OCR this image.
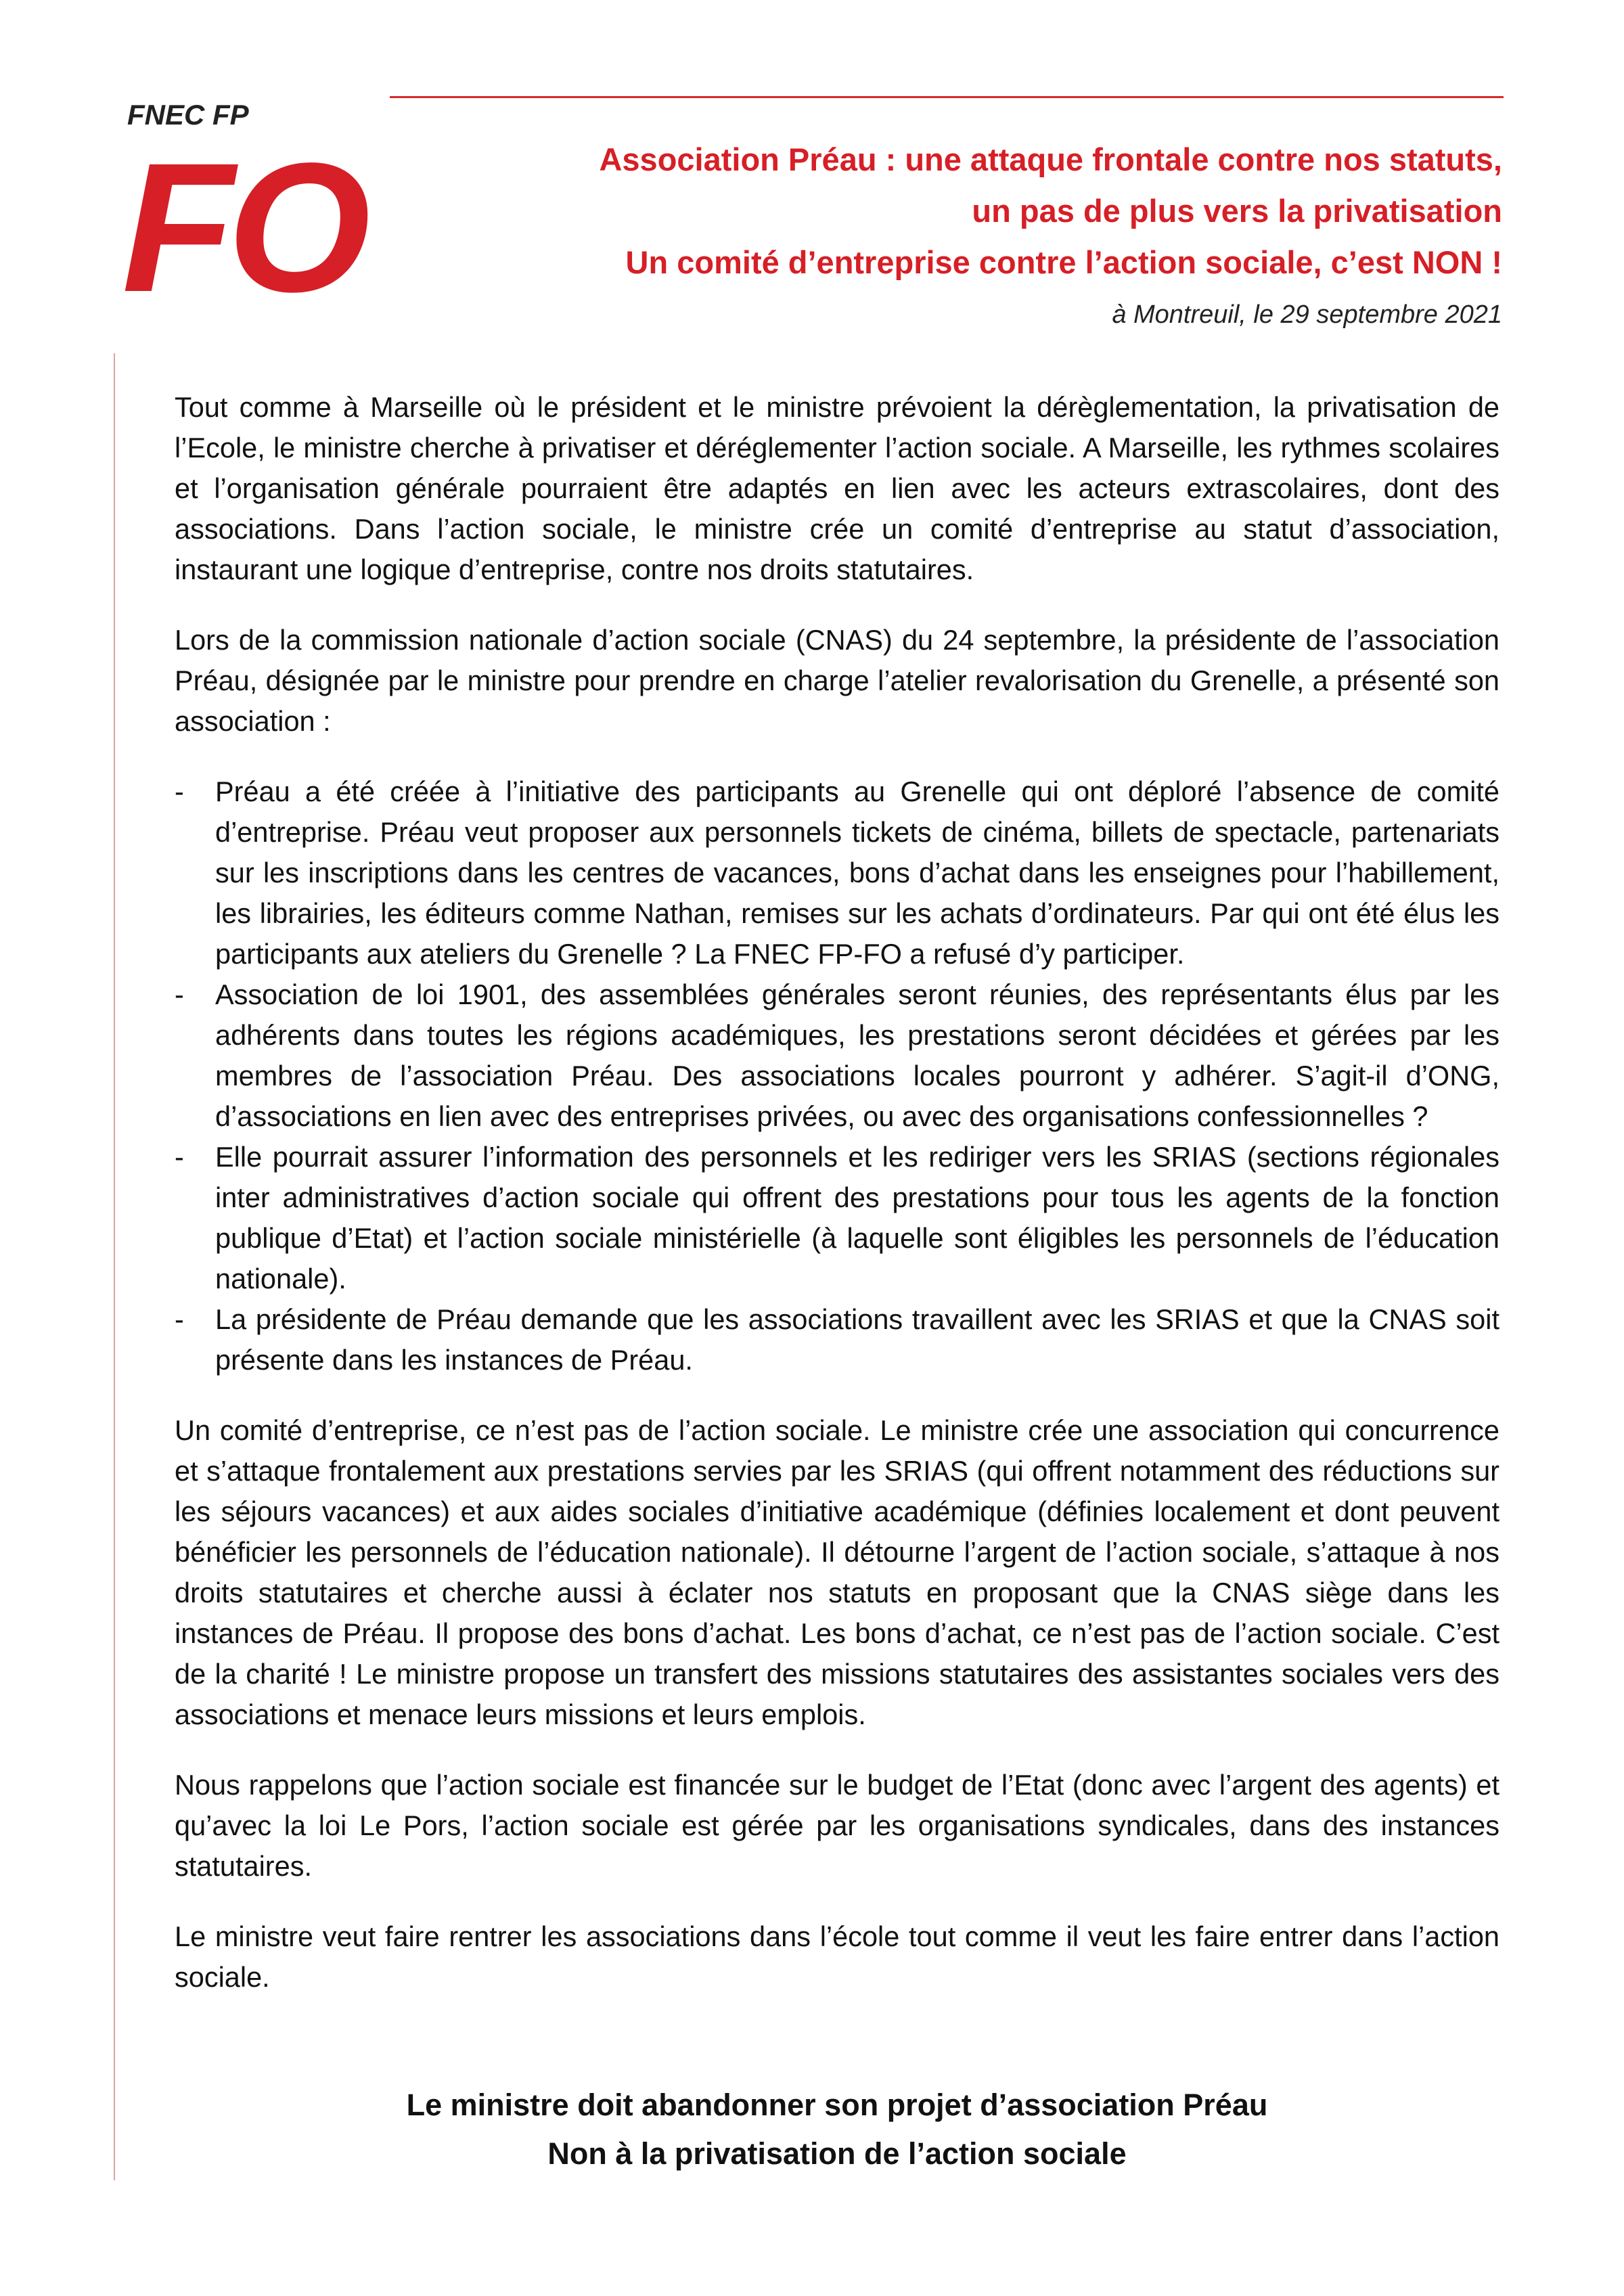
FNEC FP
FO	Association Préau : une attaque frontale contre nos statuts,
un pas de plus vers la privatisation
Un comité d’entreprise contre l’action sociale, c’est NON !
à Montreuil, le 29 septembre 2021

Tout comme à Marseille où le président et le ministre prévoient la dérèglementation, la privatisation de l’Ecole, le ministre cherche à privatiser et déréglementer l’action sociale. A Marseille, les rythmes scolaires et l’organisation générale pourraient être adaptés en lien avec les acteurs extrascolaires, dont des associations. Dans l’action sociale, le ministre crée un comité d’entreprise au statut d’association, instaurant une logique d’entreprise, contre nos droits statutaires.

Lors de la commission nationale d’action sociale (CNAS) du 24 septembre, la présidente de l’association Préau, désignée par le ministre pour prendre en charge l’atelier revalorisation du Grenelle, a présenté son association :

- Préau a été créée à l’initiative des participants au Grenelle qui ont déploré l’absence de comité d’entreprise. Préau veut proposer aux personnels tickets de cinéma, billets de spectacle, partenariats sur les inscriptions dans les centres de vacances, bons d’achat dans les enseignes pour l’habillement, les librairies, les éditeurs comme Nathan, remises sur les achats d’ordinateurs. Par qui ont été élus les participants aux ateliers du Grenelle ? La FNEC FP-FO a refusé d’y participer.
- Association de loi 1901, des assemblées générales seront réunies, des représentants élus par les adhérents dans toutes les régions académiques, les prestations seront décidées et gérées par les membres de l’association Préau. Des associations locales pourront y adhérer. S’agit-il d’ONG, d’associations en lien avec des entreprises privées, ou avec des organisations confessionnelles ?
- Elle pourrait assurer l’information des personnels et les rediriger vers les SRIAS (sections régionales inter administratives d’action sociale qui offrent des prestations pour tous les agents de la fonction publique d’Etat) et l’action sociale ministérielle (à laquelle sont éligibles les personnels de l’éducation nationale).
- La présidente de Préau demande que les associations travaillent avec les SRIAS et que la CNAS soit présente dans les instances de Préau.

Un comité d’entreprise, ce n’est pas de l’action sociale. Le ministre crée une association qui concurrence et s’attaque frontalement aux prestations servies par les SRIAS (qui offrent notamment des réductions sur les séjours vacances) et aux aides sociales d’initiative académique (définies localement et dont peuvent bénéficier les personnels de l’éducation nationale). Il détourne l’argent de l’action sociale, s’attaque à nos droits statutaires et cherche aussi à éclater nos statuts en proposant que la CNAS siège dans les instances de Préau. Il propose des bons d’achat. Les bons d’achat, ce n’est pas de l’action sociale. C’est de la charité ! Le ministre propose un transfert des missions statutaires des assistantes sociales vers des associations et menace leurs missions et leurs emplois.

Nous rappelons que l’action sociale est financée sur le budget de l’Etat (donc avec l’argent des agents) et qu’avec la loi Le Pors, l’action sociale est gérée par les organisations syndicales, dans des instances statutaires.

Le ministre veut faire rentrer les associations dans l’école tout comme il veut les faire entrer dans l’action sociale.

Le ministre doit abandonner son projet d’association Préau
Non à la privatisation de l’action sociale
